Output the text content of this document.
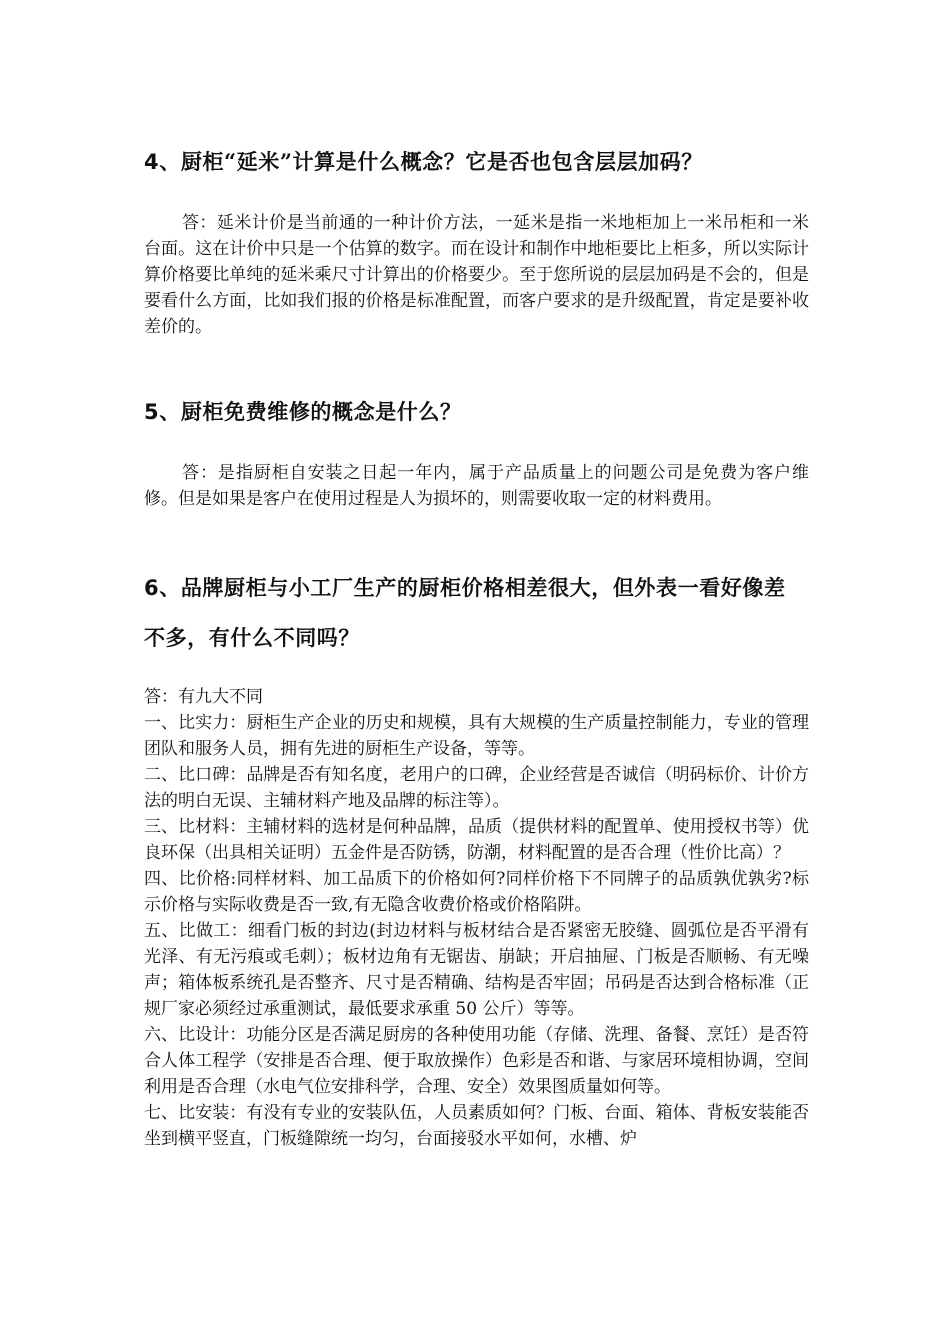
4、厨柜“延米”计算是什么概念？它是否也包含层层加码？

答：延米计价是当前通的一种计价方法，一延米是指一米地柜加上一米吊柜和一米台面。这在计价中只是一个估算的数字。而在设计和制作中地柜要比上柜多，所以实际计算价格要比单纯的延米乘尺寸计算出的价格要少。至于您所说的层层加码是不会的，但是要看什么方面，比如我们报的价格是标准配置，而客户要求的是升级配置，肯定是要补收差价的。

5、厨柜免费维修的概念是什么？

答：是指厨柜自安装之日起一年内，属于产品质量上的问题公司是免费为客户维修。但是如果是客户在使用过程是人为损坏的，则需要收取一定的材料费用。

6、品牌厨柜与小工厂生产的厨柜价格相差很大，但外表一看好像差
不多，有什么不同吗？

答：有九大不同

一、比实力：厨柜生产企业的历史和规模，具有大规模的生产质量控制能力，专业的管理团队和服务人员，拥有先进的厨柜生产设备，等等。

二、比口碑：品牌是否有知名度，老用户的口碑，企业经营是否诚信（明码标价、计价方法的明白无误、主辅材料产地及品牌的标注等）。

三、比材料：主辅材料的选材是何种品牌，品质（提供材料的配置单、使用授权书等）优良环保（出具相关证明）五金件是否防锈，防潮，材料配置的是否合理（性价比高）？

四、比价格:同样材料、加工品质下的价格如何?同样价格下不同牌子的品质孰优孰劣?标示价格与实际收费是否一致,有无隐含收费价格或价格陷阱。

五、比做工：细看门板的封边(封边材料与板材结合是否紧密无胶缝、圆弧位是否平滑有光泽、有无污痕或毛刺）；板材边角有无锯齿、崩缺；开启抽屉、门板是否顺畅、有无噪声；箱体板系统孔是否整齐、尺寸是否精确、结构是否牢固；吊码是否达到合格标准（正规厂家必须经过承重测试，最低要求承重 50 公斤）等等。

六、比设计：功能分区是否满足厨房的各种使用功能（存储、洗理、备餐、烹饪）是否符合人体工程学（安排是否合理、便于取放操作）色彩是否和谐、与家居环境相协调，空间利用是否合理（水电气位安排科学，合理、安全）效果图质量如何等。

七、比安装：有没有专业的安装队伍，人员素质如何？门板、台面、箱体、背板安装能否坐到横平竖直，门板缝隙统一均匀，台面接驳水平如何，水槽、炉
